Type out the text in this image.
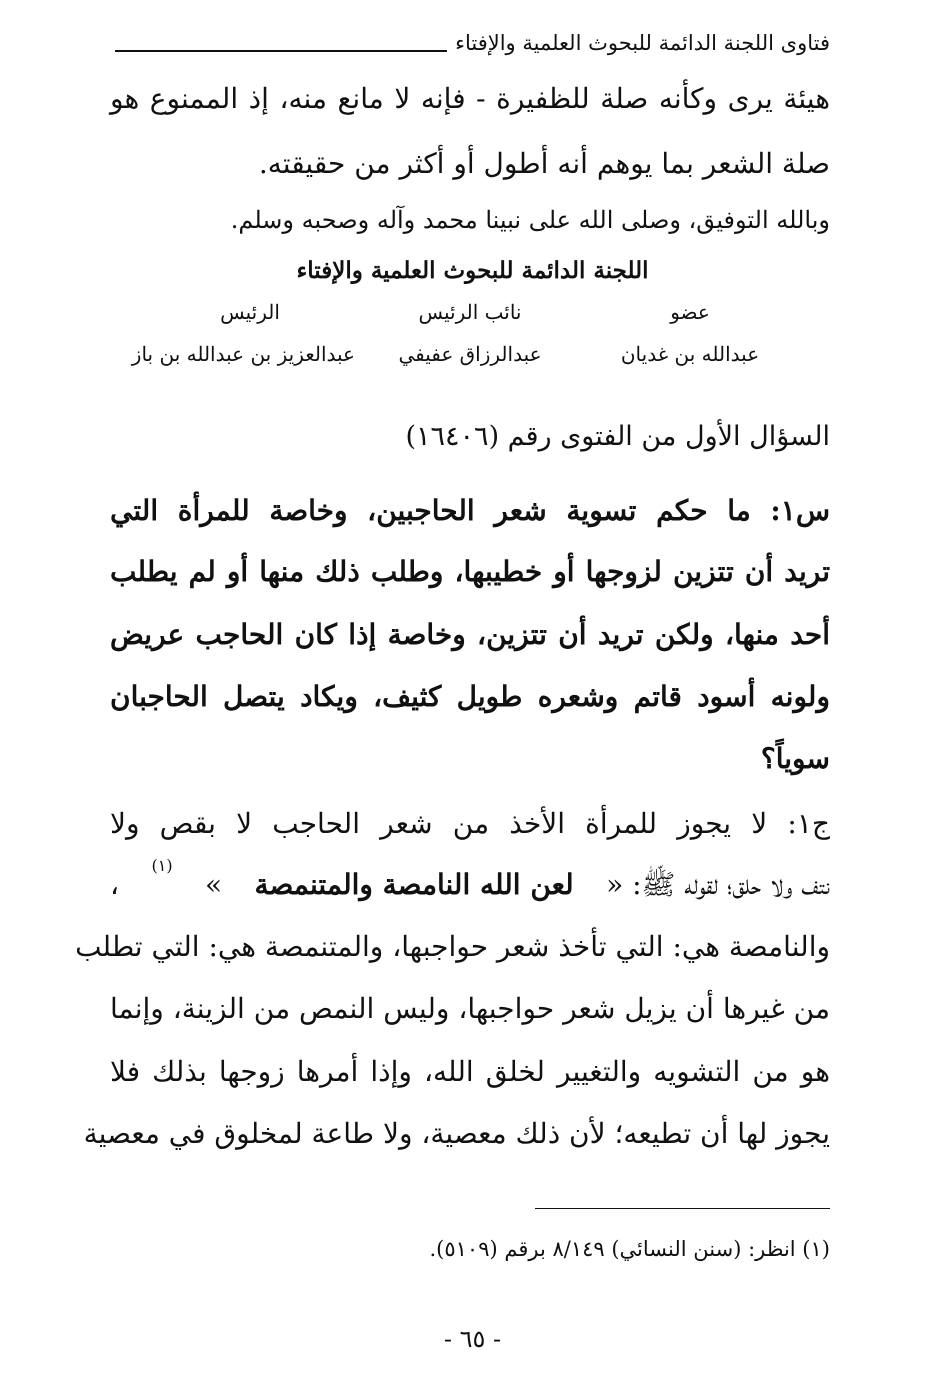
فتاوى اللجنة الدائمة للبحوث العلمية والإفتاء
هيئة يرى وكأنه صلة للظفيرة - فإنه لا مانع منه، إذ الممنوع هو
صلة الشعر بما يوهم أنه أطول أو أكثر من حقيقته.
وبالله التوفيق، وصلى الله على نبينا محمد وآله وصحبه وسلم.
اللجنة الدائمة للبحوث العلمية والإفتاء
عضو
نائب الرئيس
الرئيس
عبدالله بن غديان
عبدالرزاق عفيفي
عبدالعزيز بن عبدالله بن باز
السؤال الأول من الفتوى رقم (١٦٤٠٦)
س١: ما حكم تسوية شعر الحاجبين، وخاصة للمرأة التي
تريد أن تتزين لزوجها أو خطيبها، وطلب ذلك منها أو لم يطلب
أحد منها، ولكن تريد أن تتزين، وخاصة إذا كان الحاجب عريض
ولونه أسود قاتم وشعره طويل كثيف، ويكاد يتصل الحاجبان
سوياً؟
ج١: لا يجوز للمرأة الأخذ من شعر الحاجب لا بقص ولا
نتف ولا حلق؛ لقوله ﷺ: «
لعن الله النامصة والمتنمصة
»
(١)
،
والنامصة هي: التي تأخذ شعر حواجبها، والمتنمصة هي: التي تطلب
من غيرها أن يزيل شعر حواجبها، وليس النمص من الزينة، وإنما
هو من التشويه والتغيير لخلق الله، وإذا أمرها زوجها بذلك فلا
يجوز لها أن تطيعه؛ لأن ذلك معصية، ولا طاعة لمخلوق في معصية
(١) انظر: (سنن النسائي) ٨/١٤٩ برقم (٥١٠٩).
- ٦٥ -
